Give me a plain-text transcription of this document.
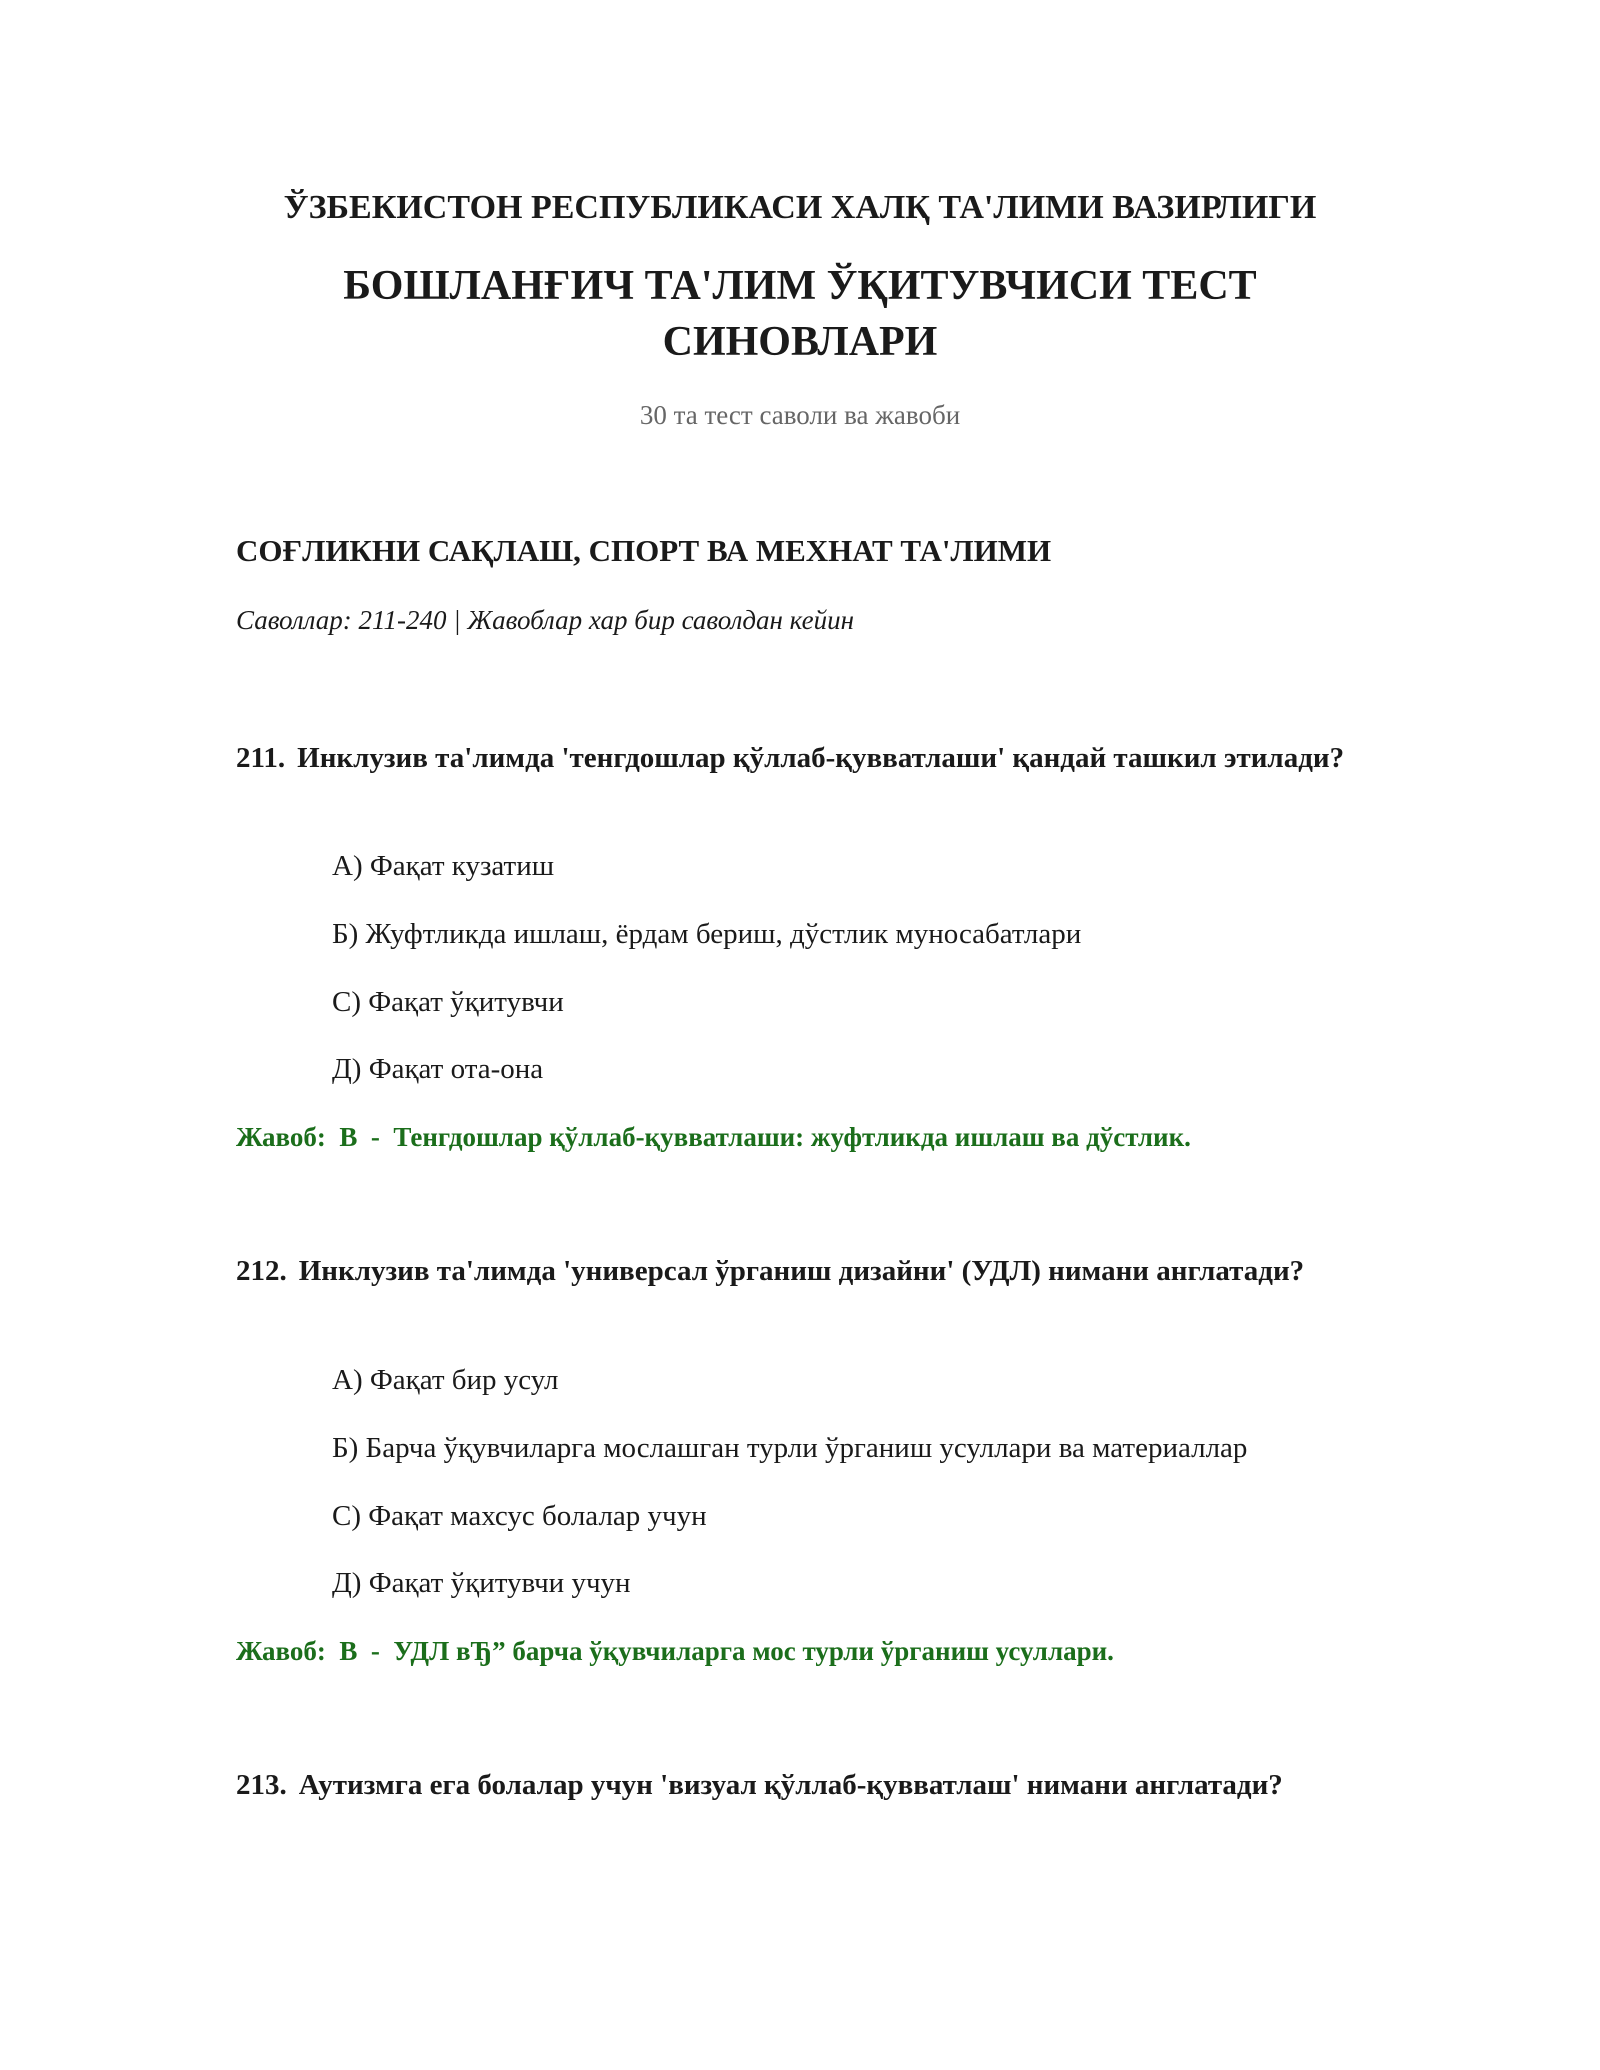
ЎЗБЕКИСТОН РЕСПУБЛИКАСИ ХАЛҚ ТА'ЛИМИ ВАЗИРЛИГИ
БОШЛАНҒИЧ ТА'ЛИМ ЎҚИТУВЧИСИ ТЕСТ СИНОВЛАРИ
30 та тест саволи ва жавоби
СОҒЛИКНИ САҚЛАШ, СПОРТ ВА МЕХНАТ ТА'ЛИМИ
Саволлар: 211-240 | Жавоблар хар бир саволдан кейин
211. Инклузив та'лимда 'тенгдошлар қўллаб-қувватлаши' қандай ташкил этилади?
А) Фақат кузатиш
Б) Жуфтликда ишлаш, ёрдам бериш, дўстлик муносабатлари
С) Фақат ўқитувчи
Д) Фақат ота-она
Жавоб:  В  -  Тенгдошлар қўллаб-қувватлаши: жуфтликда ишлаш ва дўстлик.
212. Инклузив та'лимда 'универсал ўрганиш дизайни' (УДЛ) нимани англатади?
А) Фақат бир усул
Б) Барча ўқувчиларга мослашган турли ўрганиш усуллари ва материаллар
С) Фақат махсус болалар учун
Д) Фақат ўқитувчи учун
Жавоб:  В  -  УДЛ вЂ” барча ўқувчиларга мос турли ўрганиш усуллари.
213. Аутизмга ега болалар учун 'визуал қўллаб-қувватлаш' нимани англатади?
